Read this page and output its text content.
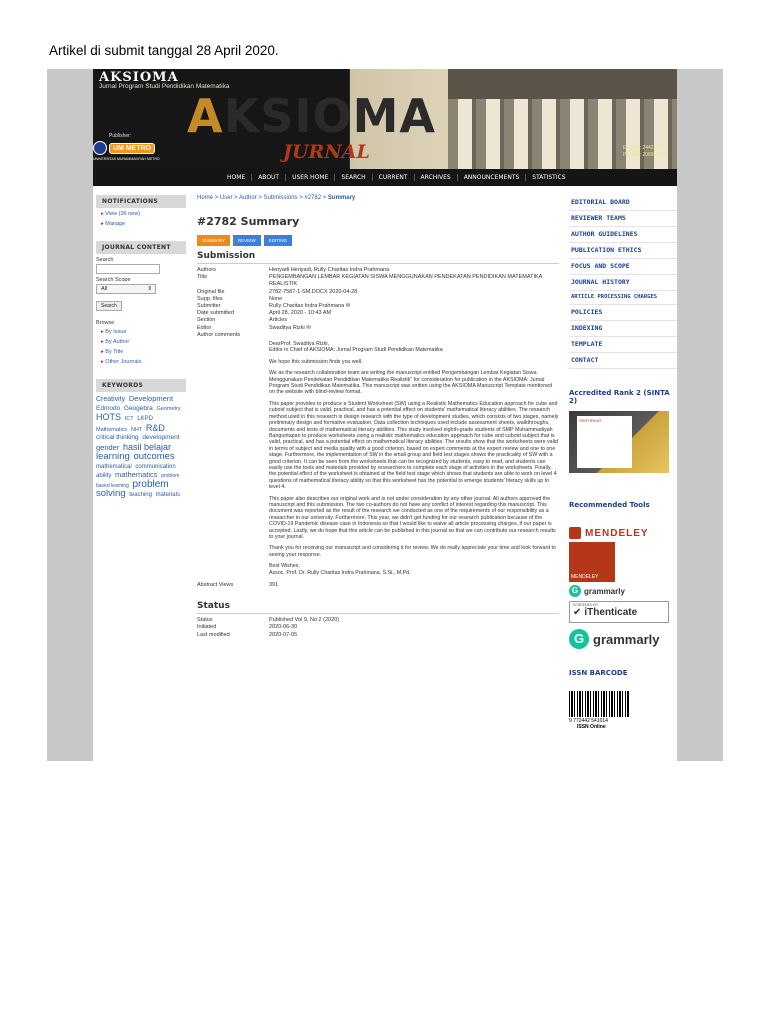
Artikel di submit tanggal 28 April 2020.
AKSIOMA
Jurnal Program Studi Pendidikan Matematika
Publisher:
UM METRO
UNIVERSITAS MUHAMMADIYAH METRO
AKSIOMA
JURNAL	E-ISSN: 2442-5419
P-ISSN: 2089-8703
HOME	ABOUT	USER HOME	SEARCH	CURRENT	ARCHIVES	ANNOUNCEMENTS	STATISTICS
NOTIFICATIONS
▸ View (36 new)
▸ Manage
JOURNAL CONTENT
Search
Search Scope
All	⇕
Search
Browse
▸ By Issue
▸ By Author
▸ By Title
▸ Other Journals
KEYWORDS
Creativity Development Edmodo Geogebra Geometry HOTS ICT LKPD Mathematics NHT R&D critical thinking development gender hasil belajar learning outcomes mathematical communication ability mathematics problem based learning problem solving teaching materials
Home > User > Author > Submissions > #2782 > Summary
#2782 Summary
SUMMARY	REVIEW	EDITING
Submission
Authors	Heriyadi Heriyadi, Rully Charitas Indra Prahmana
Title	PENGEMBANGAN LEMBAR KEGIATAN SISWA MENGGUNAKAN PENDEKATAN PENDIDIKAN MATEMATIKA REALISTIK
Original file	2782-7587-1-SM.DOCX 2020-04-28
Supp. files	None
Submitter	Rully Charitas Indra Prahmana ✉
Date submitted	April 28, 2020 - 10:43 AM
Section	Articles
Editor	Swaditya Rizki ✉
Author comments
DearProf. Swaditya Rizki,
Editor in Chief of AKSIOMA: Jurnal Program Studi Pendidikan Matematika
We hope this submission finds you well.
We as the research collaboration team are writing the manuscript entitled Pengembangan Lembar Kegiatan Siswa Menggunakan Pendekatan Pendidikan Matematika Realistik" for consideration for publication in the AKSIOMA: Jurnal Program Studi Pendidikan Matematika. This manuscript was written using the AKSIOMA Manuscript Template mentioned on the website with blind-review format.
This paper provides to produce a Student Worksheet (SW) using a Realistic Mathematics Education approach for cube and cuboid subject that is valid, practical, and has a potential effect on students' mathematical literacy abilities. The research method used in this research is design research with the type of development studies, which consists of two stages, namely preliminary design and formative evaluation. Data collection techniques used include assessment sheets, walkthroughs, documents and tests of mathematical literacy abilities. This study involved eighth-grade students of SMP Muhammadiyah Banguntapan to produce worksheets using a realistic mathematics education approach for cube and cuboid subject that is valid, practical, and has a potential effect on mathematical literacy abilities. The results show that the worksheets were valid in terms of subject and media quality with a good criterion, based on expert comments at the expert review and one to one stage. Furthermore, the implementation of SW in the small group and field test stages shows the practicality of SW with a good criterion. It can be seen from the worksheets that can be recognized by students, easy to read, and students can easily use the tools and materials provided by researchers to complete each stage of activities in the worksheets. Finally, the potential effect of the worksheet is obtained at the field test stage which shows that students are able to work on level 4 questions of mathematical literacy ability so that this worksheet has the potential to emerge students' literacy skills up to level 4.
This paper also describes our original work and is not under consideration by any other journal. All authors approved the manuscript and this submission. The two co-authors do not have any conflict of interest regarding this manuscript. This document was reported as the result of the research we conducted as one of the requirements of our responsibility as a researcher in our university. Furthermore, This year, we didn't get funding for our research publication because of the COVID-19 Pandemic disease case in Indonesia so that I would like to waive all article processing charges, if our paper is accepted. Lastly, we do hope that this article can be published in this journal so that we can contribute our research results to your journal.
Thank you for receiving our manuscript and considering it for review. We do really appreciate your time and look forward to seeing your response.
Best Wishes,
Assoc. Prof. Dr. Rully Charitas Indra Prahmana, S.Si., M.Pd.
Abstract Views	391
Status
Status	Published Vol 9, No 2 (2020)
Initiated	2020-06-30
Last modified	2020-07-05
EDITORIAL BOARD
REVIEWER TEAMS
AUTHOR GUIDELINES
PUBLICATION ETHICS
FOCUS AND SCOPE
JOURNAL HISTORY
ARTICLE PROCESSING CHARGES
POLICIES
INDEXING
TEMPLATE
CONTACT
Accredited Rank 2 (SINTA 2)
SERTIFIKAT
Recommended Tools
MENDELEY
MENDELEY
G grammarly
SCREENED BY
✔ iThenticate
G grammarly
ISSN BARCODE
9 772442 541014
ISSN Online
